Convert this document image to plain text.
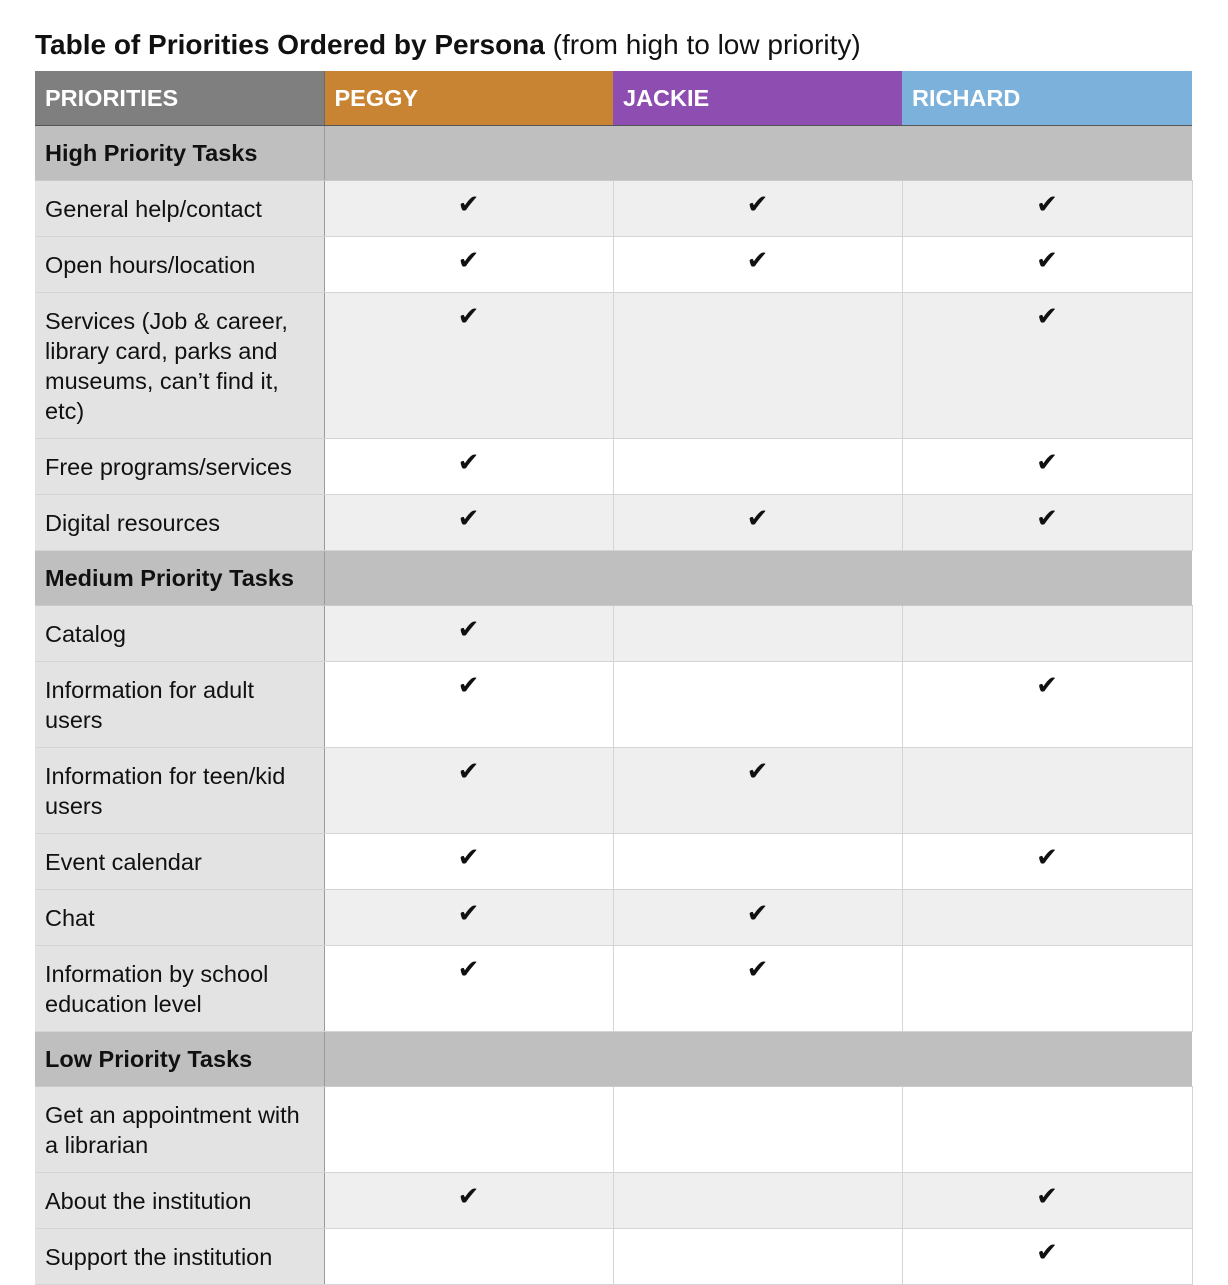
Table of Priorities Ordered by Persona (from high to low priority)
PRIORITIES	PEGGY	JACKIE	RICHARD
High Priority Tasks			
General help/contact	✔	✔	✔
Open hours/location	✔	✔	✔
Services (Job & career, library card, parks and museums, can’t find it, etc)	✔		✔
Free programs/services	✔		✔
Digital resources	✔	✔	✔
Medium Priority Tasks			
Catalog	✔		
Information for adult users	✔		✔
Information for teen/kid users	✔	✔	
Event calendar	✔		✔
Chat	✔	✔	
Information by school education level	✔	✔	
Low Priority Tasks			
Get an appointment with a librarian			
About the institution	✔		✔
Support the institution			✔
